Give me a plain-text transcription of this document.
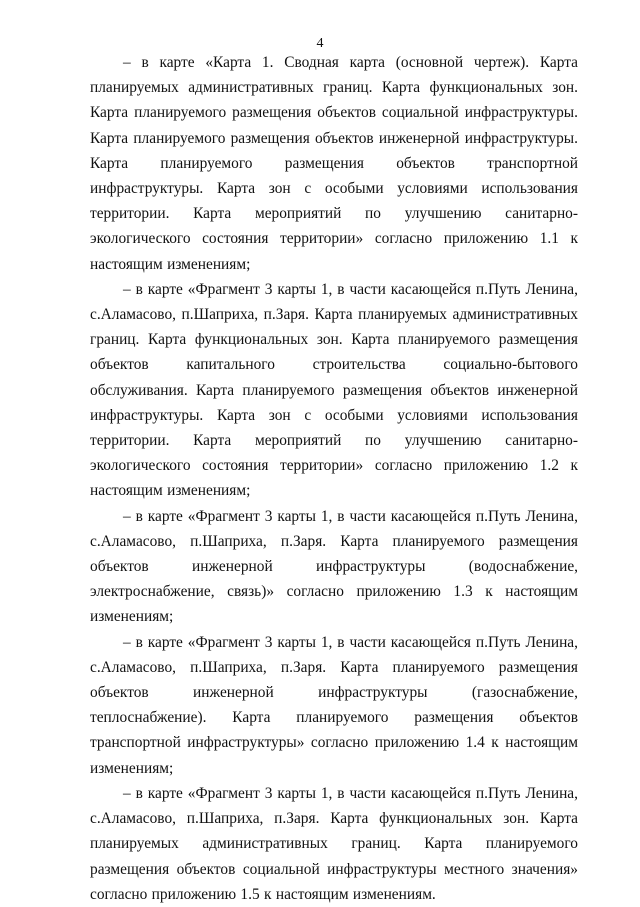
4

– в карте «Карта 1. Сводная карта (основной чертеж). Карта планируемых административных границ. Карта функциональных зон. Карта планируемого размещения объектов социальной инфраструктуры. Карта планируемого размещения объектов инженерной инфраструктуры. Карта планируемого размещения объектов транспортной инфраструктуры. Карта зон с особыми условиями использования территории. Карта мероприятий по улучшению санитарно-экологического состояния территории» согласно приложению 1.1 к настоящим изменениям;

– в карте «Фрагмент 3 карты 1, в части касающейся п.Путь Ленина, с.Аламасово, п.Шаприха, п.Заря. Карта планируемых административных границ. Карта функциональных зон. Карта планируемого размещения объектов капитального строительства социально-бытового обслуживания. Карта планируемого размещения объектов инженерной инфраструктуры. Карта зон с особыми условиями использования территории. Карта мероприятий по улучшению санитарно-экологического состояния территории» согласно приложению 1.2 к настоящим изменениям;

– в карте «Фрагмент 3 карты 1, в части касающейся п.Путь Ленина, с.Аламасово, п.Шаприха, п.Заря. Карта планируемого размещения объектов инженерной инфраструктуры (водоснабжение, электроснабжение, связь)» согласно приложению 1.3 к настоящим изменениям;

– в карте «Фрагмент 3 карты 1, в части касающейся п.Путь Ленина, с.Аламасово, п.Шаприха, п.Заря. Карта планируемого размещения объектов инженерной инфраструктуры (газоснабжение, теплоснабжение). Карта планируемого размещения объектов транспортной инфраструктуры» согласно приложению 1.4 к настоящим изменениям;

– в карте «Фрагмент 3 карты 1, в части касающейся п.Путь Ленина, с.Аламасово, п.Шаприха, п.Заря. Карта функциональных зон. Карта планируемых административных границ. Карта планируемого размещения объектов социальной инфраструктуры местного значения» согласно приложению 1.5 к настоящим изменениям.
